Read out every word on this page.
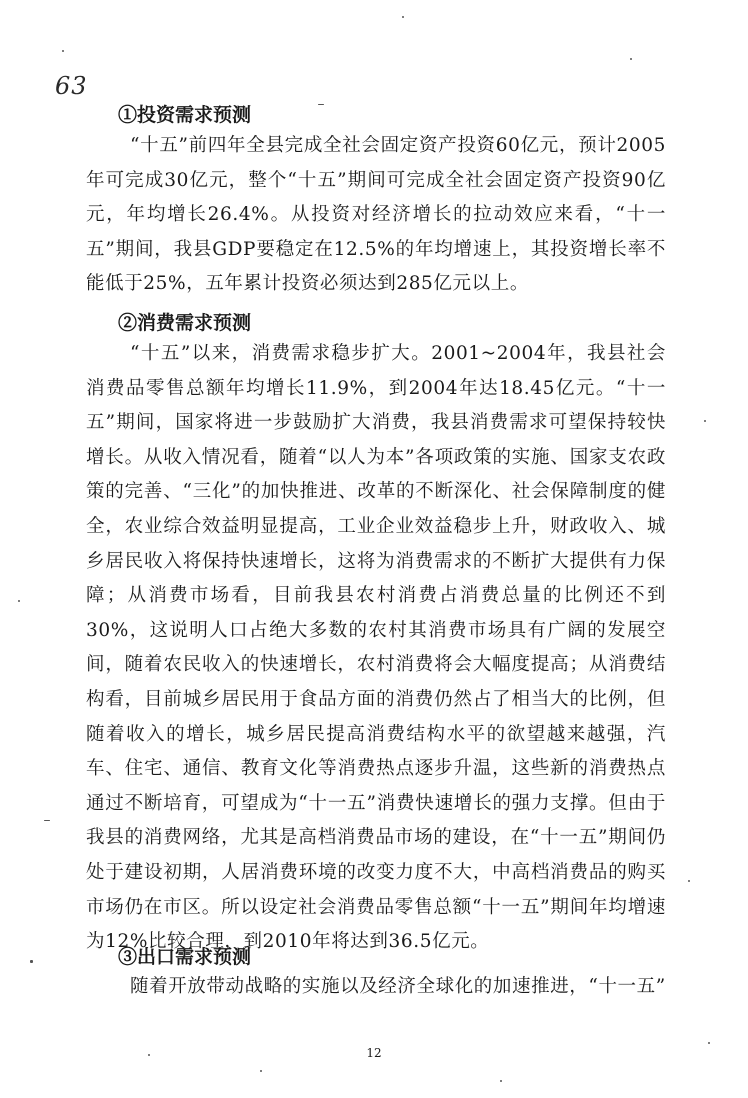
63
①投资需求预测
“十五”前四年全县完成全社会固定资产投资60亿元，预计2005年可完成30亿元，整个“十五”期间可完成全社会固定资产投资90亿元，年均增长26.4%。从投资对经济增长的拉动效应来看，“十一五”期间，我县GDP要稳定在12.5%的年均增速上，其投资增长率不能低于25%，五年累计投资必须达到285亿元以上。
②消费需求预测
“十五”以来，消费需求稳步扩大。2001~2004年，我县社会消费品零售总额年均增长11.9%，到2004年达18.45亿元。“十一五”期间，国家将进一步鼓励扩大消费，我县消费需求可望保持较快增长。从收入情况看，随着“以人为本”各项政策的实施、国家支农政策的完善、“三化”的加快推进、改革的不断深化、社会保障制度的健全，农业综合效益明显提高，工业企业效益稳步上升，财政收入、城乡居民收入将保持快速增长，这将为消费需求的不断扩大提供有力保障；从消费市场看，目前我县农村消费占消费总量的比例还不到30%，这说明人口占绝大多数的农村其消费市场具有广阔的发展空间，随着农民收入的快速增长，农村消费将会大幅度提高；从消费结构看，目前城乡居民用于食品方面的消费仍然占了相当大的比例，但随着收入的增长，城乡居民提高消费结构水平的欲望越来越强，汽车、住宅、通信、教育文化等消费热点逐步升温，这些新的消费热点通过不断培育，可望成为“十一五”消费快速增长的强力支撑。但由于我县的消费网络，尤其是高档消费品市场的建设，在“十一五”期间仍处于建设初期，人居消费环境的改变力度不大，中高档消费品的购买市场仍在市区。所以设定社会消费品零售总额“十一五”期间年均增速为12%比较合理，到2010年将达到36.5亿元。
③出口需求预测
随着开放带动战略的实施以及经济全球化的加速推进，“十一五”
12
